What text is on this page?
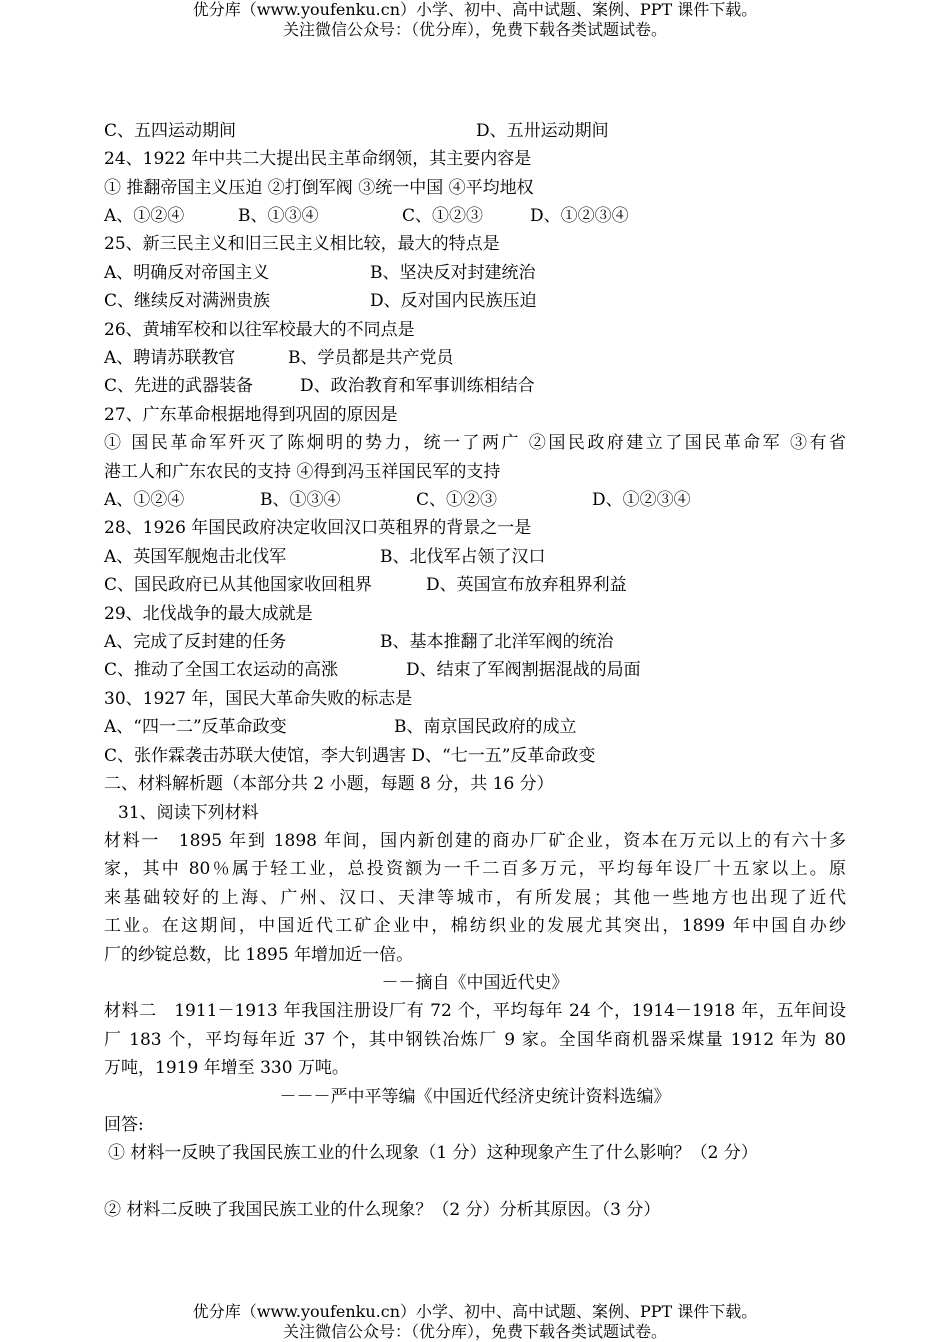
优分库（www.youfenku.cn）小学、初中、高中试题、案例、PPT 课件下载。
关注微信公众号：（优分库），免费下载各类试题试卷。
C、五四运动期间	D、五卅运动期间
24、1922 年中共二大提出民主革命纲领，其主要内容是
① 推翻帝国主义压迫 ②打倒军阀 ③统一中国 ④平均地权
A、①②④	B、①③④	C、①②③	D、①②③④
25、新三民主义和旧三民主义相比较，最大的特点是
A、明确反对帝国主义	B、坚决反对封建统治
C、继续反对满洲贵族	D、反对国内民族压迫
26、黄埔军校和以往军校最大的不同点是
A、聘请苏联教官	B、学员都是共产党员
C、先进的武器装备	D、政治教育和军事训练相结合
27、广东革命根据地得到巩固的原因是
① 国民革命军歼灭了陈炯明的势力，统一了两广 ②国民政府建立了国民革命军 ③有省
港工人和广东农民的支持 ④得到冯玉祥国民军的支持
A、①②④	B、①③④	C、①②③	D、①②③④
28、1926 年国民政府决定收回汉口英租界的背景之一是
A、英国军舰炮击北伐军	B、北伐军占领了汉口
C、国民政府已从其他国家收回租界	D、英国宣布放弃租界利益
29、北伐战争的最大成就是
A、完成了反封建的任务	B、基本推翻了北洋军阀的统治
C、推动了全国工农运动的高涨	D、结束了军阀割据混战的局面
30、1927 年，国民大革命失败的标志是
A、“四一二”反革命政变	B、南京国民政府的成立
C、张作霖袭击苏联大使馆，李大钊遇害 D、“七一五”反革命政变
二、材料解析题（本部分共 2 小题，每题 8 分，共 16 分）
31、阅读下列材料
材料一　1895 年到 1898 年间，国内新创建的商办厂矿企业，资本在万元以上的有六十多
家，其中 80％属于轻工业，总投资额为一千二百多万元，平均每年设厂十五家以上。原
来基础较好的上海、广州、汉口、天津等城市，有所发展；其他一些地方也出现了近代
工业。在这期间，中国近代工矿企业中，棉纺织业的发展尤其突出，1899 年中国自办纱
厂的纱锭总数，比 1895 年增加近一倍。
－－摘自《中国近代史》
材料二　1911－1913 年我国注册设厂有 72 个，平均每年 24 个，1914－1918 年，五年间设
厂 183 个，平均每年近 37 个，其中钢铁冶炼厂 9 家。全国华商机器采煤量 1912 年为 80
万吨，1919 年增至 330 万吨。
－－－严中平等编《中国近代经济史统计资料选编》
回答:
① 材料一反映了我国民族工业的什么现象（1 分）这种现象产生了什么影响？（2 分）
② 材料二反映了我国民族工业的什么现象？（2 分）分析其原因。（3 分）
优分库（www.youfenku.cn）小学、初中、高中试题、案例、PPT 课件下载。
关注微信公众号：（优分库），免费下载各类试题试卷。
